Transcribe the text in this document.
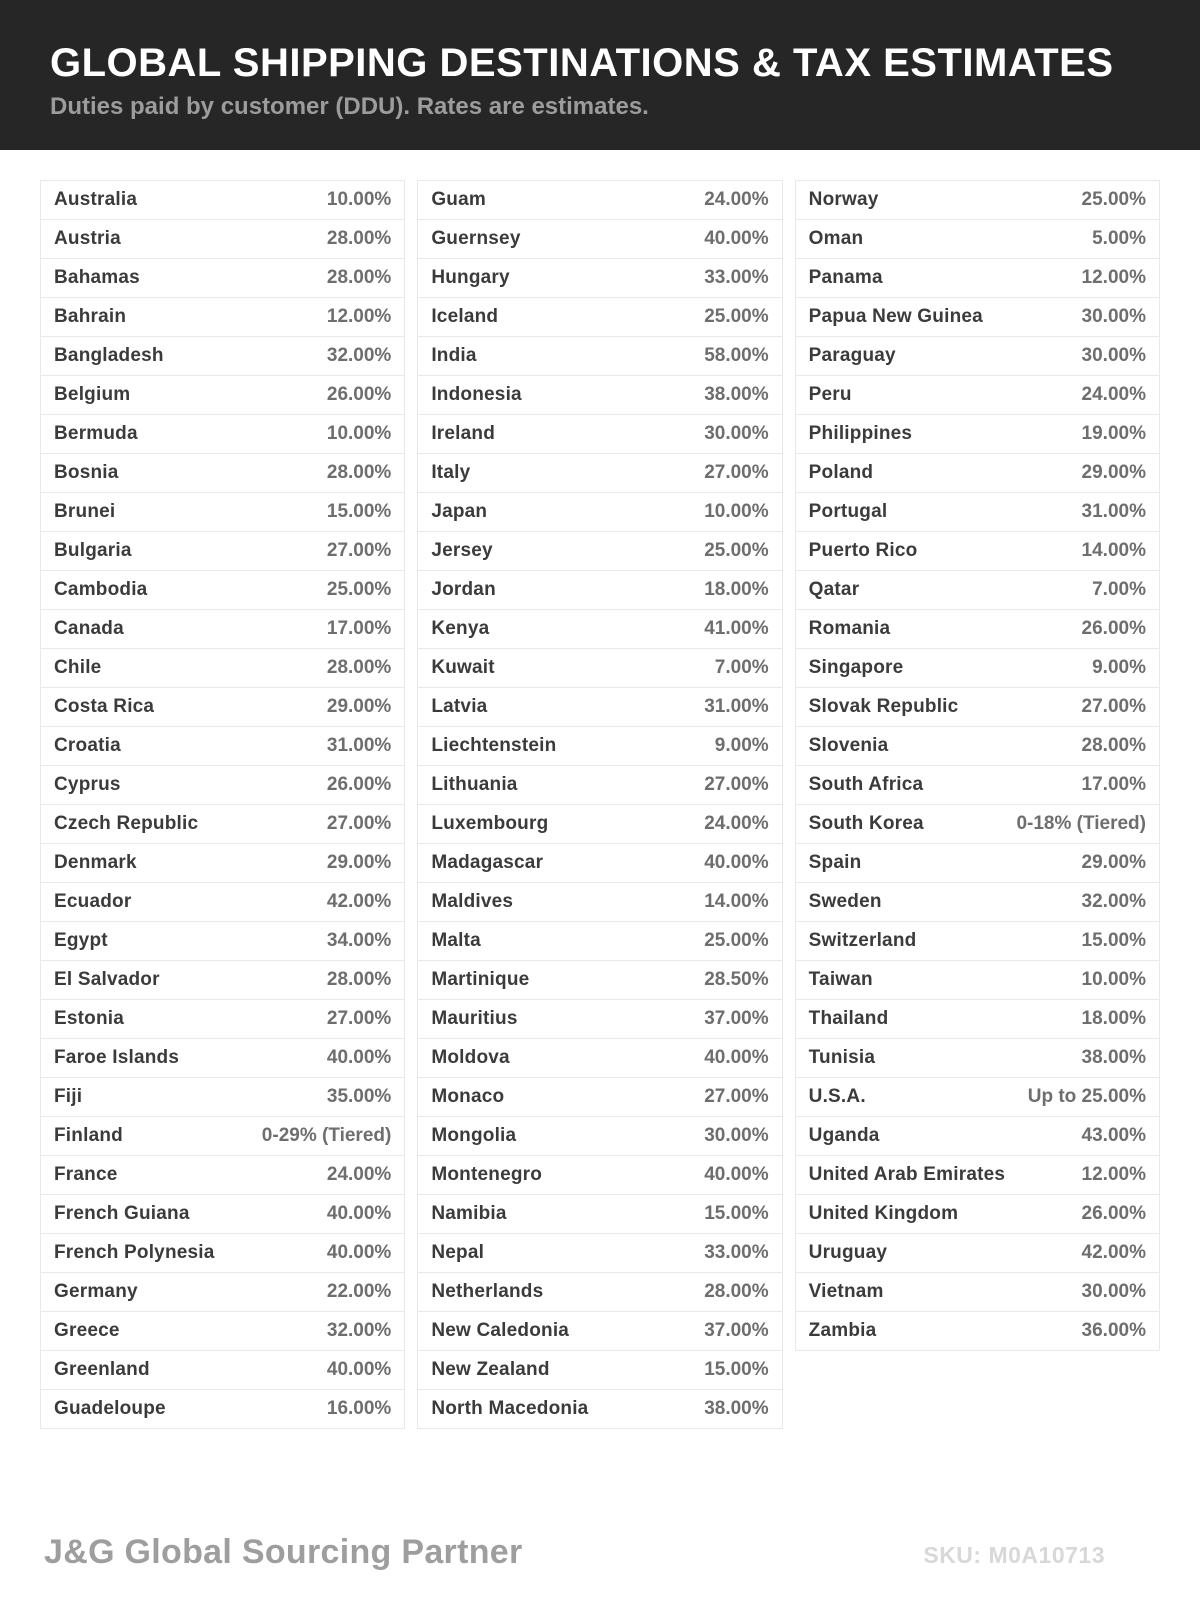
GLOBAL SHIPPING DESTINATIONS & TAX ESTIMATES

Duties paid by customer (DDU). Rates are estimates.

Australia	10.00%
Austria	28.00%
Bahamas	28.00%
Bahrain	12.00%
Bangladesh	32.00%
Belgium	26.00%
Bermuda	10.00%
Bosnia	28.00%
Brunei	15.00%
Bulgaria	27.00%
Cambodia	25.00%
Canada	17.00%
Chile	28.00%
Costa Rica	29.00%
Croatia	31.00%
Cyprus	26.00%
Czech Republic	27.00%
Denmark	29.00%
Ecuador	42.00%
Egypt	34.00%
El Salvador	28.00%
Estonia	27.00%
Faroe Islands	40.00%
Fiji	35.00%
Finland	0-29% (Tiered)
France	24.00%
French Guiana	40.00%
French Polynesia	40.00%
Germany	22.00%
Greece	32.00%
Greenland	40.00%
Guadeloupe	16.00%
Guam	24.00%
Guernsey	40.00%
Hungary	33.00%
Iceland	25.00%
India	58.00%
Indonesia	38.00%
Ireland	30.00%
Italy	27.00%
Japan	10.00%
Jersey	25.00%
Jordan	18.00%
Kenya	41.00%
Kuwait	7.00%
Latvia	31.00%
Liechtenstein	9.00%
Lithuania	27.00%
Luxembourg	24.00%
Madagascar	40.00%
Maldives	14.00%
Malta	25.00%
Martinique	28.50%
Mauritius	37.00%
Moldova	40.00%
Monaco	27.00%
Mongolia	30.00%
Montenegro	40.00%
Namibia	15.00%
Nepal	33.00%
Netherlands	28.00%
New Caledonia	37.00%
New Zealand	15.00%
North Macedonia	38.00%
Norway	25.00%
Oman	5.00%
Panama	12.00%
Papua New Guinea	30.00%
Paraguay	30.00%
Peru	24.00%
Philippines	19.00%
Poland	29.00%
Portugal	31.00%
Puerto Rico	14.00%
Qatar	7.00%
Romania	26.00%
Singapore	9.00%
Slovak Republic	27.00%
Slovenia	28.00%
South Africa	17.00%
South Korea	0-18% (Tiered)
Spain	29.00%
Sweden	32.00%
Switzerland	15.00%
Taiwan	10.00%
Thailand	18.00%
Tunisia	38.00%
U.S.A.	Up to 25.00%
Uganda	43.00%
United Arab Emirates	12.00%
United Kingdom	26.00%
Uruguay	42.00%
Vietnam	30.00%
Zambia	36.00%
J&G Global Sourcing Partner	SKU: M0A10713
